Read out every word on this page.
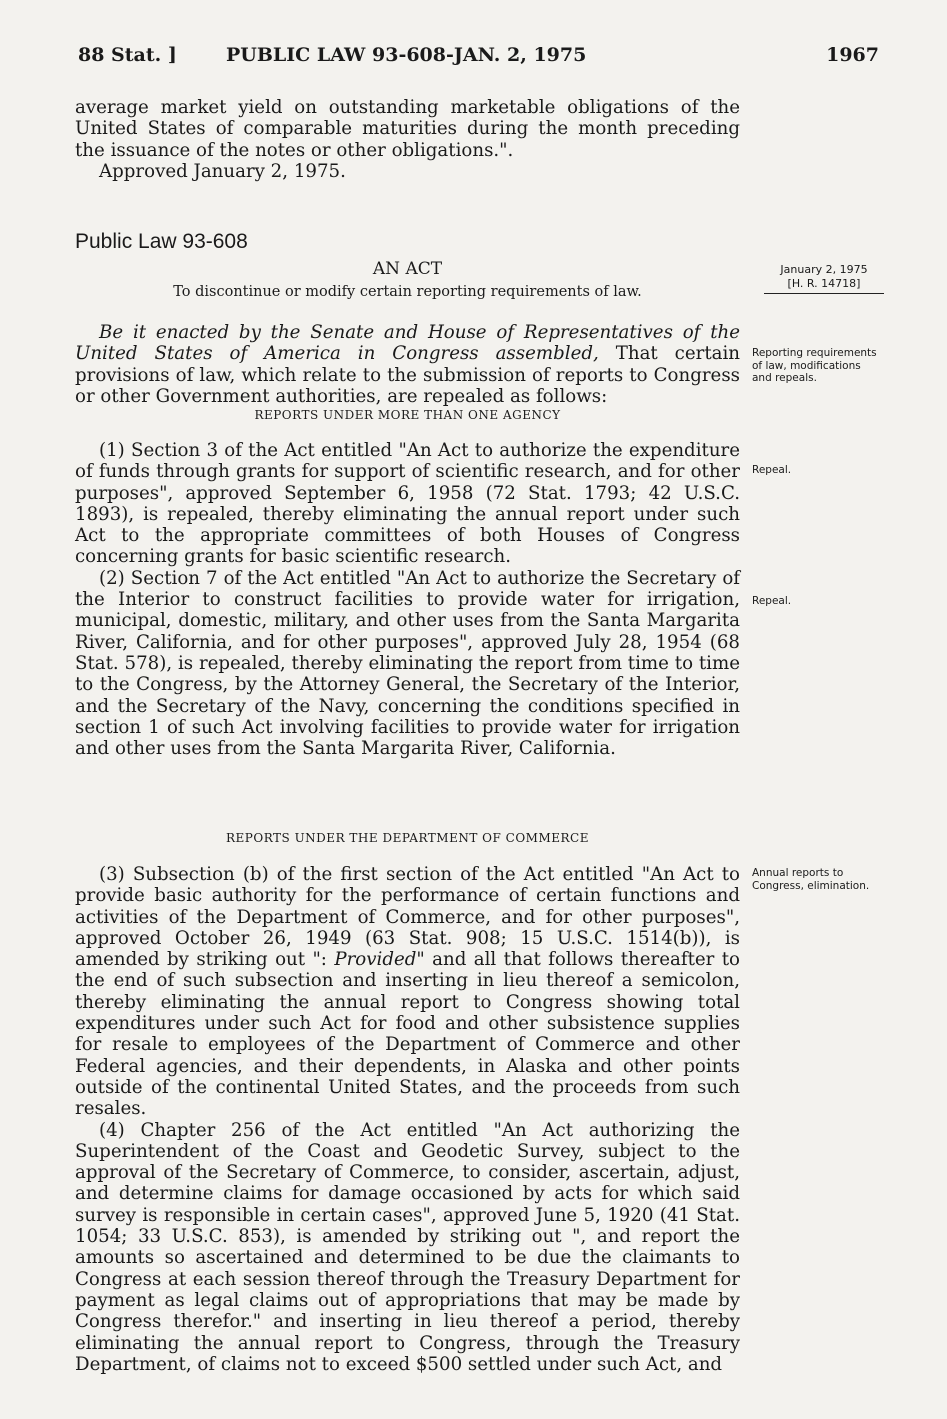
88 Stat. ]	PUBLIC LAW 93-608-JAN. 2, 1975	1967

average market yield on outstanding marketable obligations of the United States of comparable maturities during the month preceding the issuance of the notes or other obligations.".

Approved January 2, 1975.

Public Law 93-608
AN ACT
To discontinue or modify certain reporting requirements of law.
January 2, 1975
[H. R. 14718]

Be it enacted by the Senate and House of Representatives of the United States of America in Congress assembled, That certain provisions of law, which relate to the submission of reports to Congress or other Government authorities, are repealed as follows:

REPORTS UNDER MORE THAN ONE AGENCY

(1) Section 3 of the Act entitled "An Act to authorize the expenditure of funds through grants for support of scientific research, and for other purposes", approved September 6, 1958 (72 Stat. 1793; 42 U.S.C. 1893), is repealed, thereby eliminating the annual report under such Act to the appropriate committees of both Houses of Congress concerning grants for basic scientific research.

(2) Section 7 of the Act entitled "An Act to authorize the Secretary of the Interior to construct facilities to provide water for irrigation, municipal, domestic, military, and other uses from the Santa Margarita River, California, and for other purposes", approved July 28, 1954 (68 Stat. 578), is repealed, thereby eliminating the report from time to time to the Congress, by the Attorney General, the Secretary of the Interior, and the Secretary of the Navy, concerning the conditions specified in section 1 of such Act involving facilities to provide water for irrigation and other uses from the Santa Margarita River, California.

REPORTS UNDER THE DEPARTMENT OF COMMERCE

(3) Subsection (b) of the first section of the Act entitled "An Act to provide basic authority for the performance of certain functions and activities of the Department of Commerce, and for other purposes", approved October 26, 1949 (63 Stat. 908; 15 U.S.C. 1514(b)), is amended by striking out ": Provided" and all that follows thereafter to the end of such subsection and inserting in lieu thereof a semicolon, thereby eliminating the annual report to Congress showing total expenditures under such Act for food and other subsistence supplies for resale to employees of the Department of Commerce and other Federal agencies, and their dependents, in Alaska and other points outside of the continental United States, and the proceeds from such resales.

(4) Chapter 256 of the Act entitled "An Act authorizing the Superintendent of the Coast and Geodetic Survey, subject to the approval of the Secretary of Commerce, to consider, ascertain, adjust, and determine claims for damage occasioned by acts for which said survey is responsible in certain cases", approved June 5, 1920 (41 Stat. 1054; 33 U.S.C. 853), is amended by striking out ", and report the amounts so ascertained and determined to be due the claimants to Congress at each session thereof through the Treasury Department for payment as legal claims out of appropriations that may be made by Congress therefor." and inserting in lieu thereof a period, thereby eliminating the annual report to Congress, through the Treasury Department, of claims not to exceed $500 settled under such Act, and

Reporting requirements of law, modifications and repeals.
Repeal.
Repeal.
Annual reports to Congress, elimination.
